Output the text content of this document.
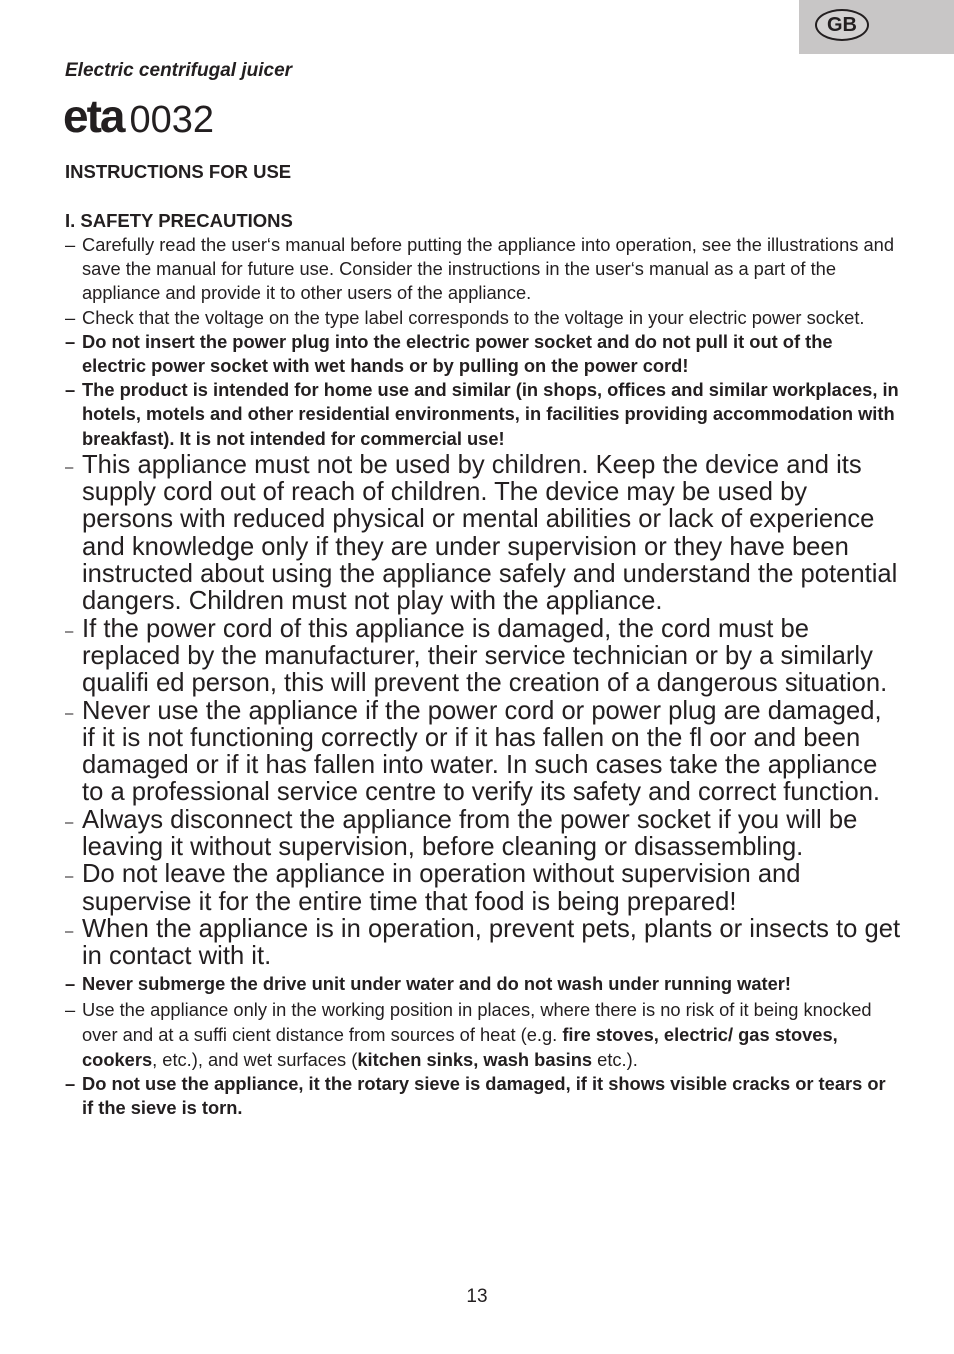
GB
Electric centrifugal juicer
eta 0032
INSTRUCTIONS FOR USE
I. SAFETY PRECAUTIONS
– Carefully read the user‘s manual before putting the appliance into operation, see the illustrations and save the manual for future use. Consider the instructions in the user‘s manual as a part of the appliance and provide it to other users of the appliance.
– Check that the voltage on the type label corresponds to the voltage in your electric power socket.
– Do not insert the power plug into the electric power socket and do not pull it out of the electric power socket with wet hands or by pulling on the power cord!
– The product is intended for home use and similar (in shops, offices and similar workplaces, in hotels, motels and other residential environments, in facilities providing accommodation with breakfast). It is not intended for commercial use!
– This appliance must not be used by children. Keep the device and its supply cord out of reach of children. The device may be used by persons with reduced physical or mental abilities or lack of experience and knowledge only if they are under supervision or they have been instructed about using the appliance safely and understand the potential dangers. Children must not play with the appliance.
– If the power cord of this appliance is damaged, the cord must be replaced by the manufacturer, their service technician or by a similarly qualifi ed person, this will prevent the creation of a dangerous situation.
– Never use the appliance if the power cord or power plug are damaged, if it is not functioning correctly or if it has fallen on the fl oor and been damaged or if it has fallen into water. In such cases take the appliance to a professional service centre to verify its safety and correct function.
– Always disconnect the appliance from the power socket if you will be leaving it without supervision, before cleaning or disassembling.
– Do not leave the appliance in operation without supervision and supervise it for the entire time that food is being prepared!
– When the appliance is in operation, prevent pets, plants or insects to get in contact with it.
– Never submerge the drive unit under water and do not wash under running water!
– Use the appliance only in the working position in places, where there is no risk of it being knocked over and at a suffi cient distance from sources of heat (e.g. fire stoves, electric/ gas stoves, cookers, etc.), and wet surfaces (kitchen sinks, wash basins etc.).
– Do not use the appliance, it the rotary sieve is damaged, if it shows visible cracks or tears or if the sieve is torn.
13
